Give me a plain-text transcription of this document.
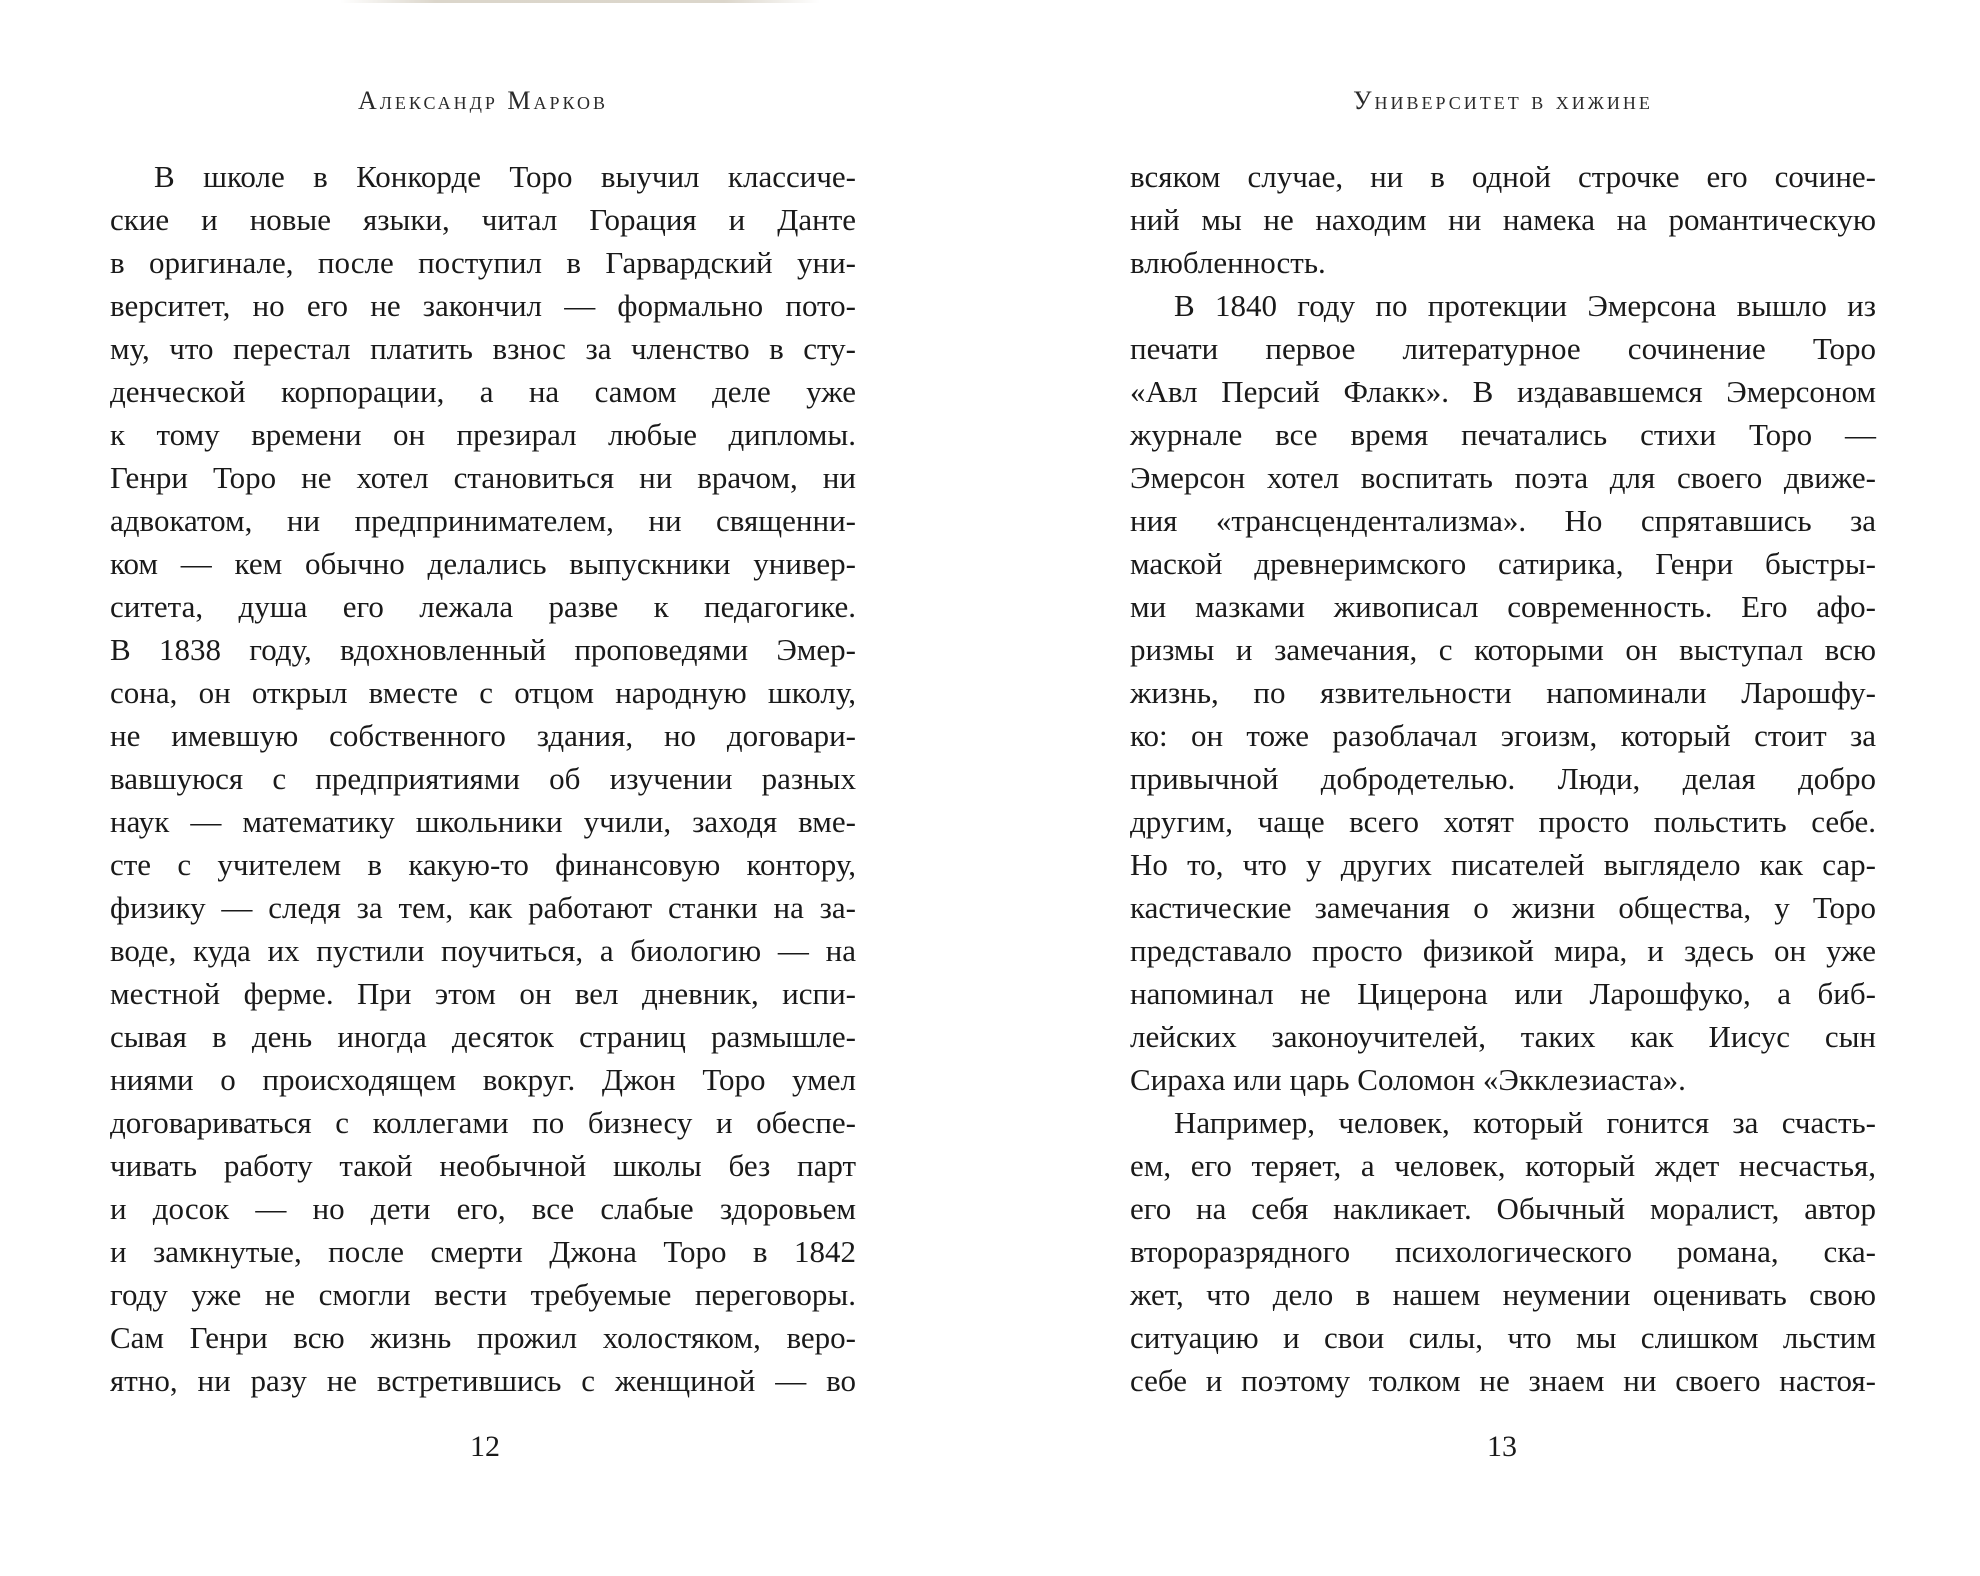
Александр Марков
В школе в Конкорде Торо выучил классиче-
ские и новые языки, читал Горация и Данте
в оригинале, после поступил в Гарвардский уни-
верситет, но его не закончил — формально пото-
му, что перестал платить взнос за членство в сту-
денческой корпорации, а на самом деле уже
к тому времени он презирал любые дипломы.
Генри Торо не хотел становиться ни врачом, ни
адвокатом, ни предпринимателем, ни священни-
ком — кем обычно делались выпускники универ-
ситета, душа его лежала разве к педагогике.
В 1838 году, вдохновленный проповедями Эмер-
сона, он открыл вместе с отцом народную школу,
не имевшую собственного здания, но договари-
вавшуюся с предприятиями об изучении разных
наук — математику школьники учили, заходя вме-
сте с учителем в какую-то финансовую контору,
физику — следя за тем, как работают станки на за-
воде, куда их пустили поучиться, а биологию — на
местной ферме. При этом он вел дневник, испи-
сывая в день иногда десяток страниц размышле-
ниями о происходящем вокруг. Джон Торо умел
договариваться с коллегами по бизнесу и обеспе-
чивать работу такой необычной школы без парт
и досок — но дети его, все слабые здоровьем
и замкнутые, после смерти Джона Торо в 1842
году уже не смогли вести требуемые переговоры.
Сам Генри всю жизнь прожил холостяком, веро-
ятно, ни разу не встретившись с женщиной — во
12
Университет в хижине
всяком случае, ни в одной строчке его сочине-
ний мы не находим ни намека на романтическую
влюбленность.
В 1840 году по протекции Эмерсона вышло из
печати первое литературное сочинение Торо
«Авл Персий Флакк». В издававшемся Эмерсоном
журнале все время печатались стихи Торо —
Эмерсон хотел воспитать поэта для своего движе-
ния «трансцендентализма». Но спрятавшись за
маской древнеримского сатирика, Генри быстры-
ми мазками живописал современность. Его афо-
ризмы и замечания, с которыми он выступал всю
жизнь, по язвительности напоминали Ларошфу-
ко: он тоже разоблачал эгоизм, который стоит за
привычной добродетелью. Люди, делая добро
другим, чаще всего хотят просто польстить себе.
Но то, что у других писателей выглядело как сар-
кастические замечания о жизни общества, у Торо
представало просто физикой мира, и здесь он уже
напоминал не Цицерона или Ларошфуко, а биб-
лейских законоучителей, таких как Иисус сын
Сираха или царь Соломон «Экклезиаста».
Например, человек, который гонится за счасть-
ем, его теряет, а человек, который ждет несчастья,
его на себя накликает. Обычный моралист, автор
второразрядного психологического романа, ска-
жет, что дело в нашем неумении оценивать свою
ситуацию и свои силы, что мы слишком льстим
себе и поэтому толком не знаем ни своего настоя-
13
